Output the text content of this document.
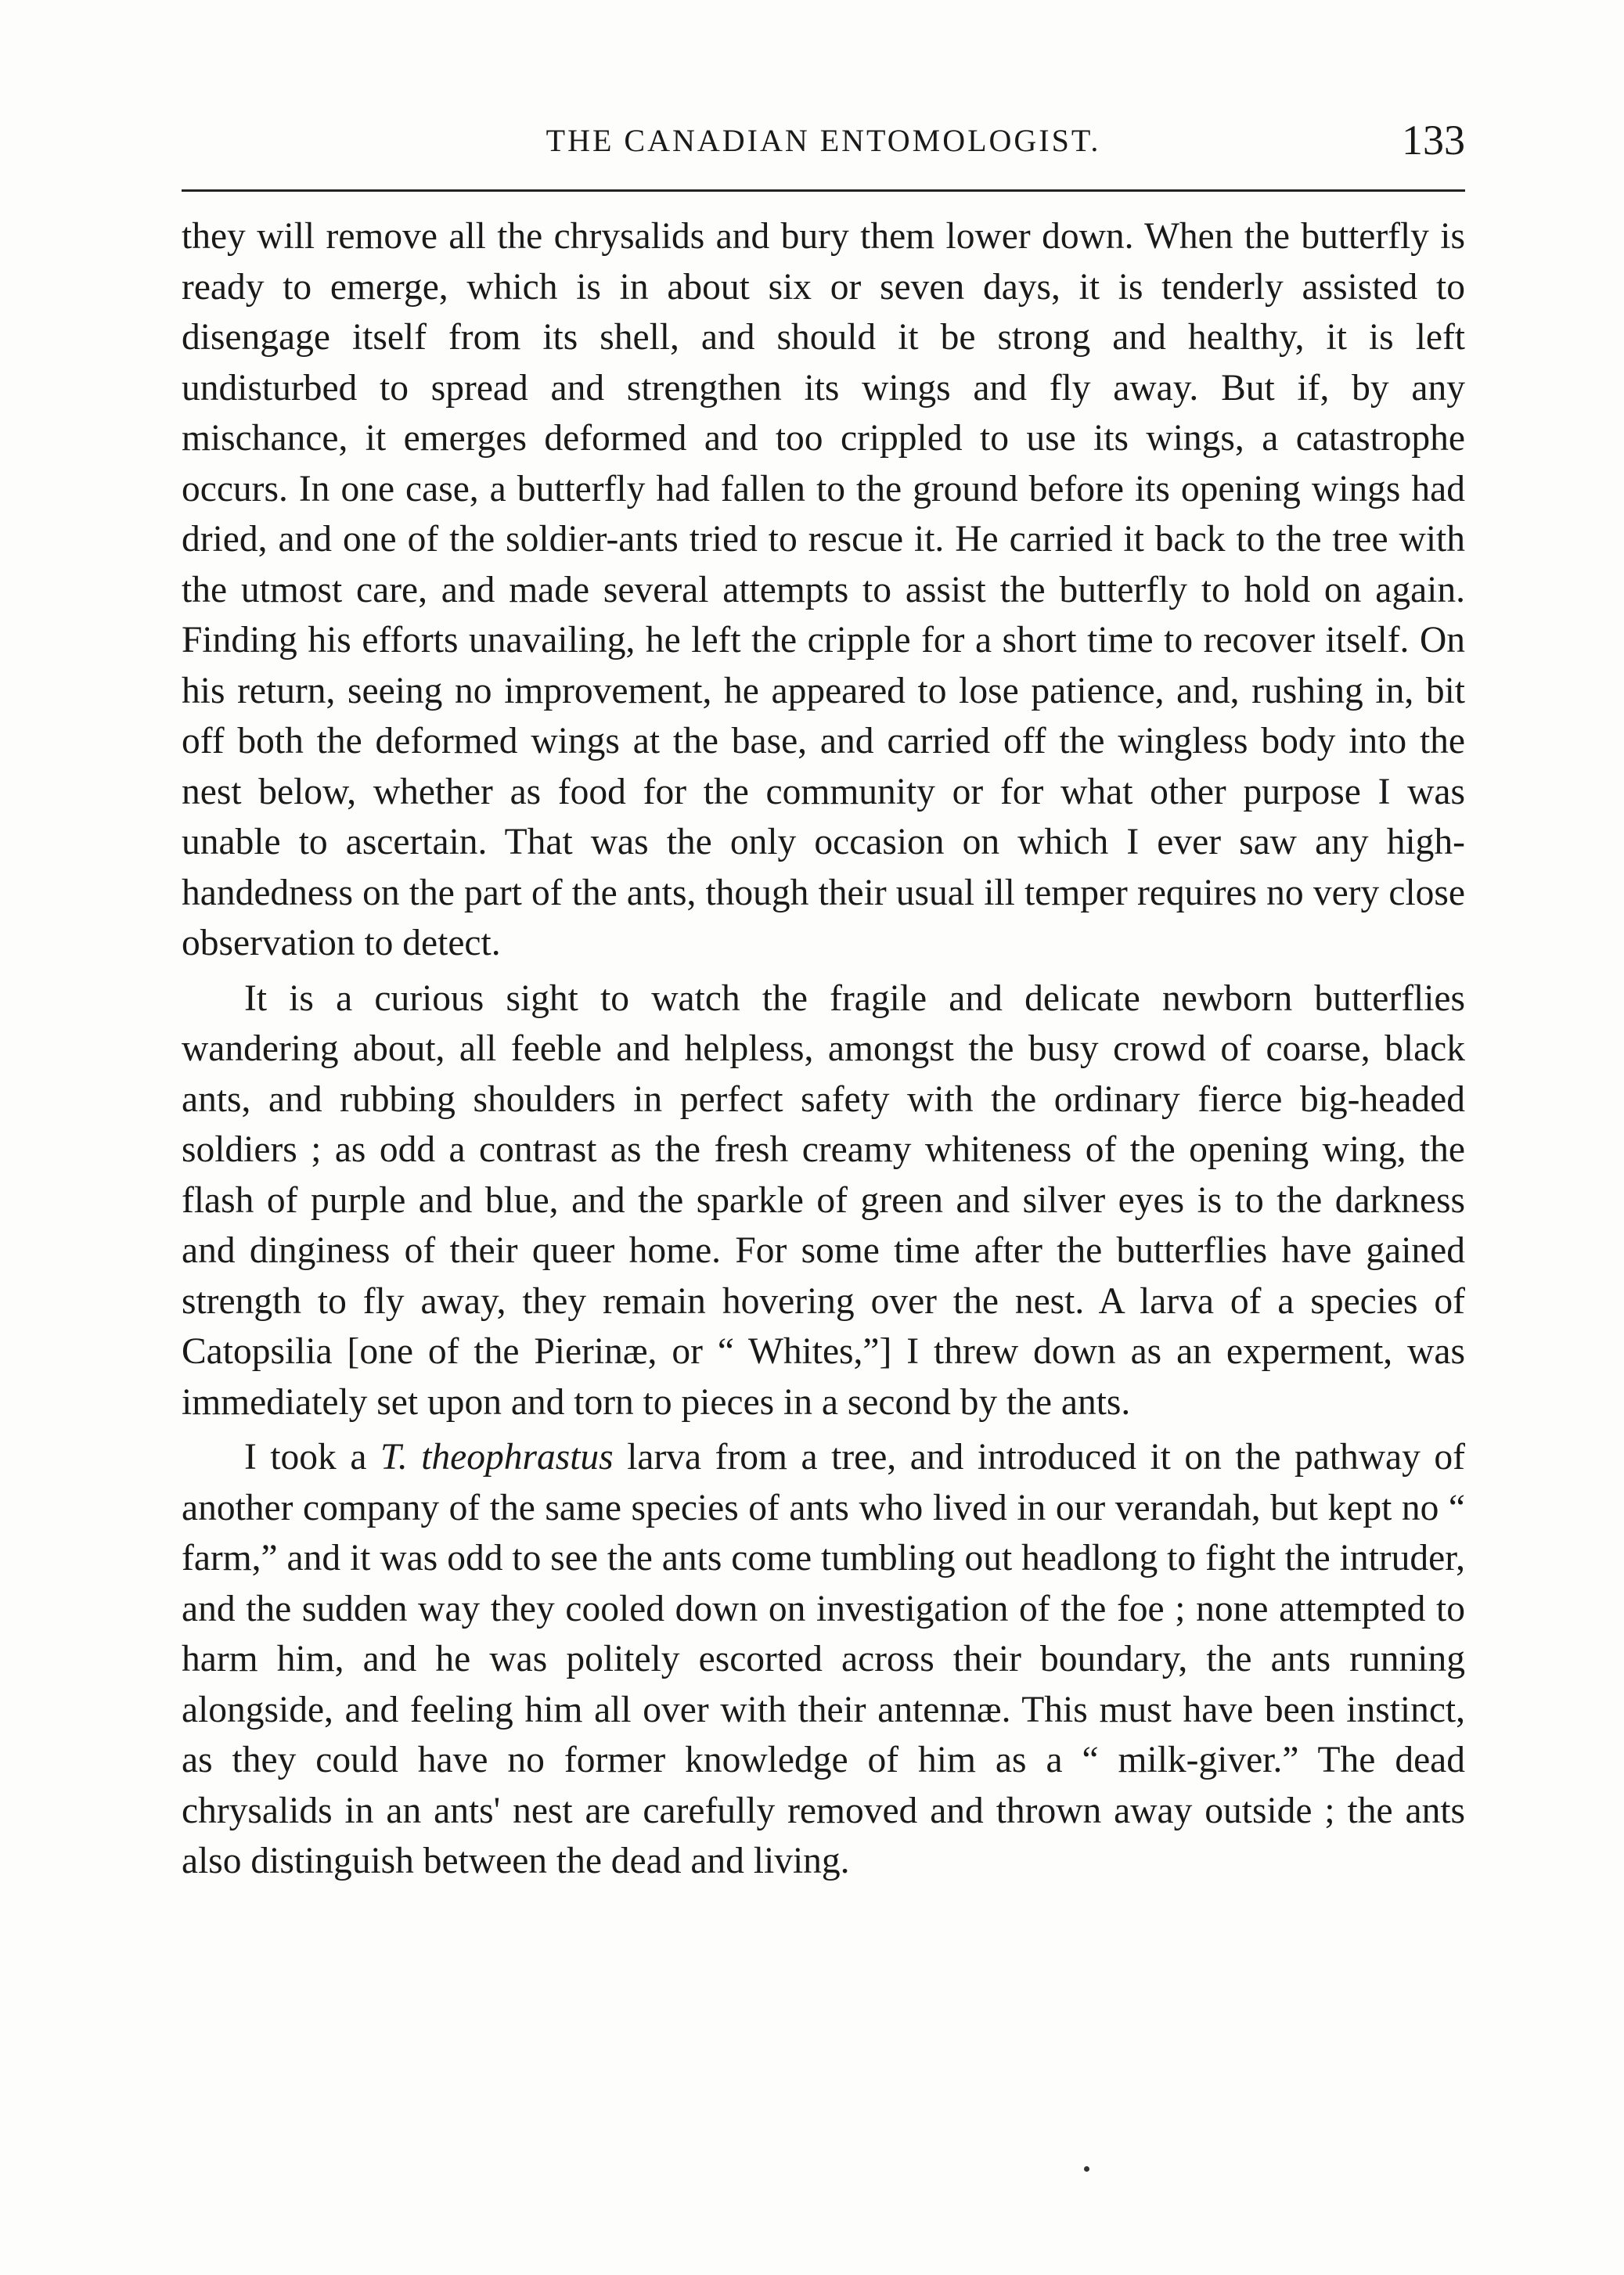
THE CANADIAN ENTOMOLOGIST.	133

they will remove all the chrysalids and bury them lower down. When the butterfly is ready to emerge, which is in about six or seven days, it is tenderly assisted to disengage itself from its shell, and should it be strong and healthy, it is left undisturbed to spread and strengthen its wings and fly away. But if, by any mischance, it emerges deformed and too crippled to use its wings, a catastrophe occurs. In one case, a butterfly had fallen to the ground before its opening wings had dried, and one of the soldier-ants tried to rescue it. He carried it back to the tree with the utmost care, and made several attempts to assist the butterfly to hold on again. Finding his efforts unavailing, he left the cripple for a short time to recover itself. On his return, seeing no improvement, he appeared to lose patience, and, rushing in, bit off both the deformed wings at the base, and carried off the wingless body into the nest below, whether as food for the community or for what other purpose I was unable to ascertain. That was the only occasion on which I ever saw any high-handedness on the part of the ants, though their usual ill temper requires no very close observation to detect.

It is a curious sight to watch the fragile and delicate newborn butterflies wandering about, all feeble and helpless, amongst the busy crowd of coarse, black ants, and rubbing shoulders in perfect safety with the ordinary fierce big-headed soldiers ; as odd a contrast as the fresh creamy whiteness of the opening wing, the flash of purple and blue, and the sparkle of green and silver eyes is to the darkness and dinginess of their queer home. For some time after the butterflies have gained strength to fly away, they remain hovering over the nest. A larva of a species of Catopsilia [one of the Pierinæ, or “ Whites,”] I threw down as an experment, was immediately set upon and torn to pieces in a second by the ants.

I took a T. theophrastus larva from a tree, and introduced it on the pathway of another company of the same species of ants who lived in our verandah, but kept no “ farm,” and it was odd to see the ants come tumbling out headlong to fight the intruder, and the sudden way they cooled down on investigation of the foe ; none attempted to harm him, and he was politely escorted across their boundary, the ants running alongside, and feeling him all over with their antennæ. This must have been instinct, as they could have no former knowledge of him as a “ milk-giver.” The dead chrysalids in an ants' nest are carefully removed and thrown away outside ; the ants also distinguish between the dead and living.
